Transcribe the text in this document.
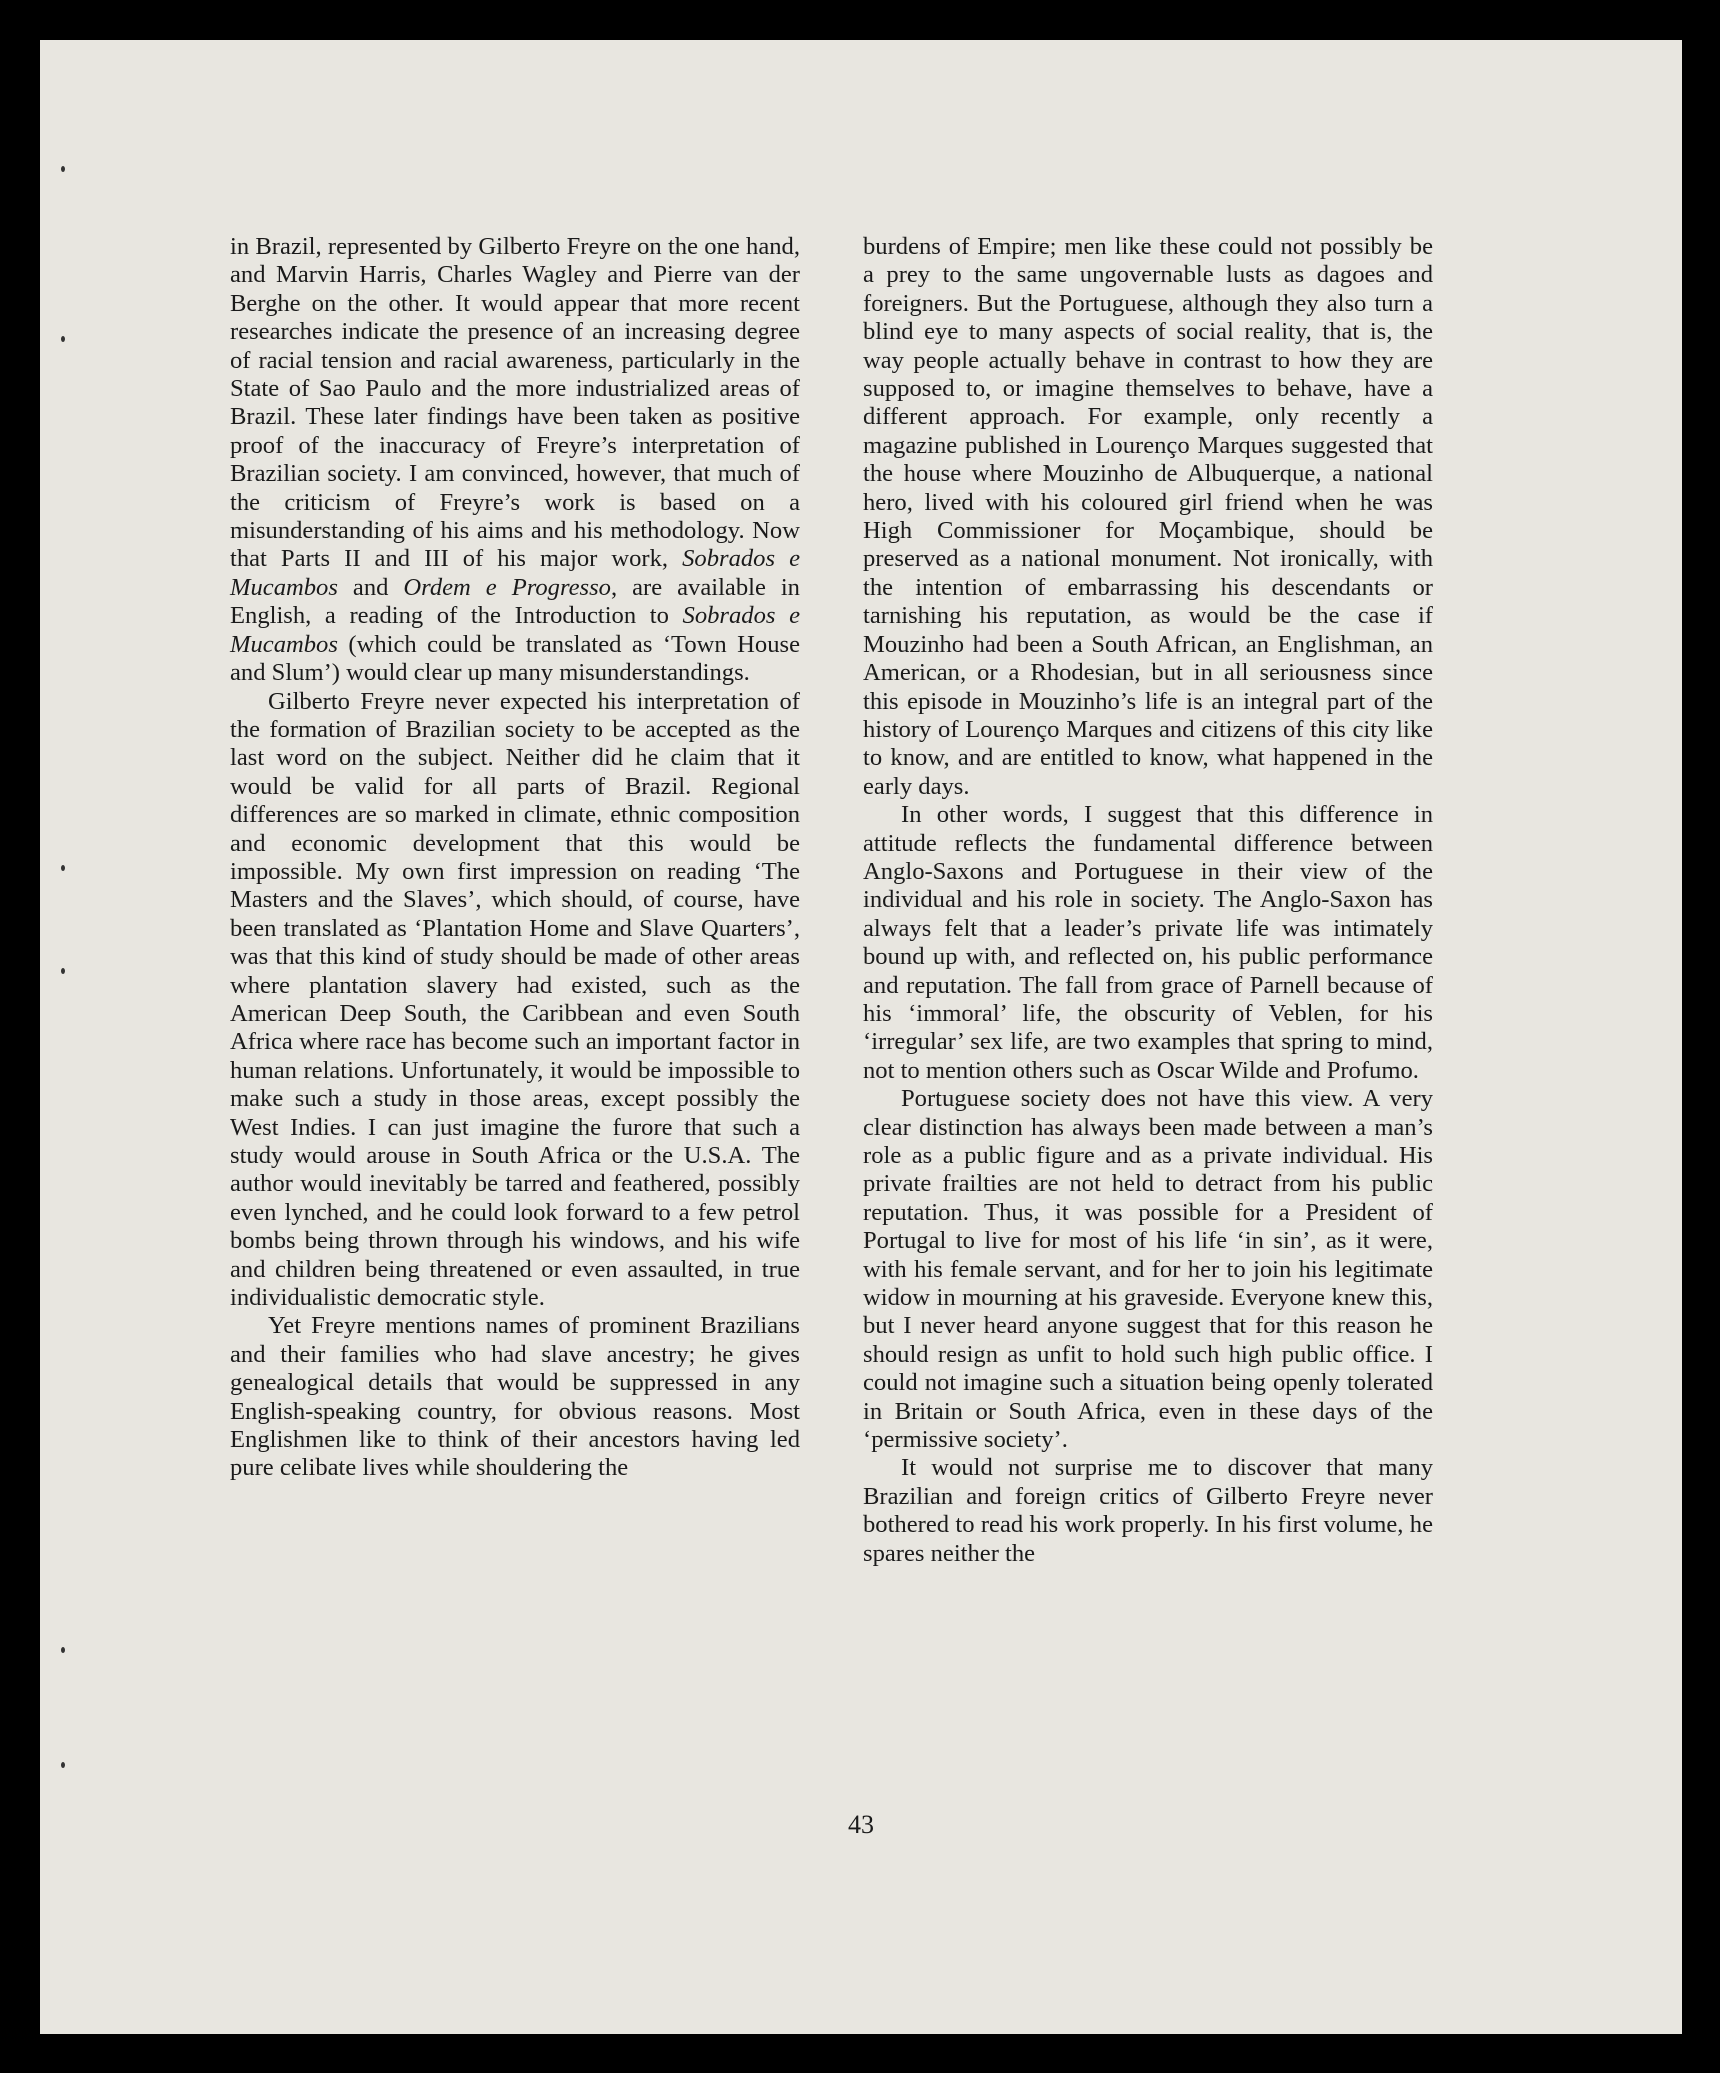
in Brazil, represented by Gilberto Freyre on the one hand, and Marvin Harris, Charles Wagley and Pierre van der Berghe on the other. It would appear that more recent researches indicate the presence of an increasing degree of racial tension and racial awareness, particularly in the State of Sao Paulo and the more industrialized areas of Brazil. These later findings have been taken as positive proof of the inaccuracy of Freyre’s interpretation of Brazilian society. I am convinced, however, that much of the criticism of Freyre’s work is based on a misunderstanding of his aims and his methodology. Now that Parts II and III of his major work, Sobrados e Mucambos and Ordem e Progresso, are available in English, a reading of the Introduction to Sobrados e Mucambos (which could be translated as ‘Town House and Slum’) would clear up many misunderstandings.

Gilberto Freyre never expected his interpretation of the formation of Brazilian society to be accepted as the last word on the subject. Neither did he claim that it would be valid for all parts of Brazil. Regional differences are so marked in climate, ethnic composition and economic development that this would be impossible. My own first impression on reading ‘The Masters and the Slaves’, which should, of course, have been translated as ‘Plantation Home and Slave Quarters’, was that this kind of study should be made of other areas where plantation slavery had existed, such as the American Deep South, the Caribbean and even South Africa where race has become such an important factor in human relations. Unfortunately, it would be impossible to make such a study in those areas, except possibly the West Indies. I can just imagine the furore that such a study would arouse in South Africa or the U.S.A. The author would inevitably be tarred and feathered, possibly even lynched, and he could look forward to a few petrol bombs being thrown through his windows, and his wife and children being threatened or even assaulted, in true individualistic democratic style.

Yet Freyre mentions names of prominent Brazilians and their families who had slave ancestry; he gives genealogical details that would be suppressed in any English-speaking country, for obvious reasons. Most Englishmen like to think of their ancestors having led pure celibate lives while shouldering the

burdens of Empire; men like these could not possibly be a prey to the same ungovernable lusts as dagoes and foreigners. But the Portuguese, although they also turn a blind eye to many aspects of social reality, that is, the way people actually behave in contrast to how they are supposed to, or imagine themselves to behave, have a different approach. For example, only recently a magazine published in Lourenço Marques suggested that the house where Mouzinho de Albuquerque, a national hero, lived with his coloured girl friend when he was High Commissioner for Moçambique, should be preserved as a national monument. Not ironically, with the intention of embarrassing his descendants or tarnishing his reputation, as would be the case if Mouzinho had been a South African, an Englishman, an American, or a Rhodesian, but in all seriousness since this episode in Mouzinho’s life is an integral part of the history of Lourenço Marques and citizens of this city like to know, and are entitled to know, what happened in the early days.

In other words, I suggest that this difference in attitude reflects the fundamental difference between Anglo-Saxons and Portuguese in their view of the individual and his role in society. The Anglo-Saxon has always felt that a leader’s private life was intimately bound up with, and reflected on, his public performance and reputation. The fall from grace of Parnell because of his ‘immoral’ life, the obscurity of Veblen, for his ‘irregular’ sex life, are two examples that spring to mind, not to mention others such as Oscar Wilde and Profumo.

Portuguese society does not have this view. A very clear distinction has always been made between a man’s role as a public figure and as a private individual. His private frailties are not held to detract from his public reputation. Thus, it was possible for a President of Portugal to live for most of his life ‘in sin’, as it were, with his female servant, and for her to join his legitimate widow in mourning at his graveside. Everyone knew this, but I never heard anyone suggest that for this reason he should resign as unfit to hold such high public office. I could not imagine such a situation being openly tolerated in Britain or South Africa, even in these days of the ‘permissive society’.

It would not surprise me to discover that many Brazilian and foreign critics of Gilberto Freyre never bothered to read his work properly. In his first volume, he spares neither the

43
